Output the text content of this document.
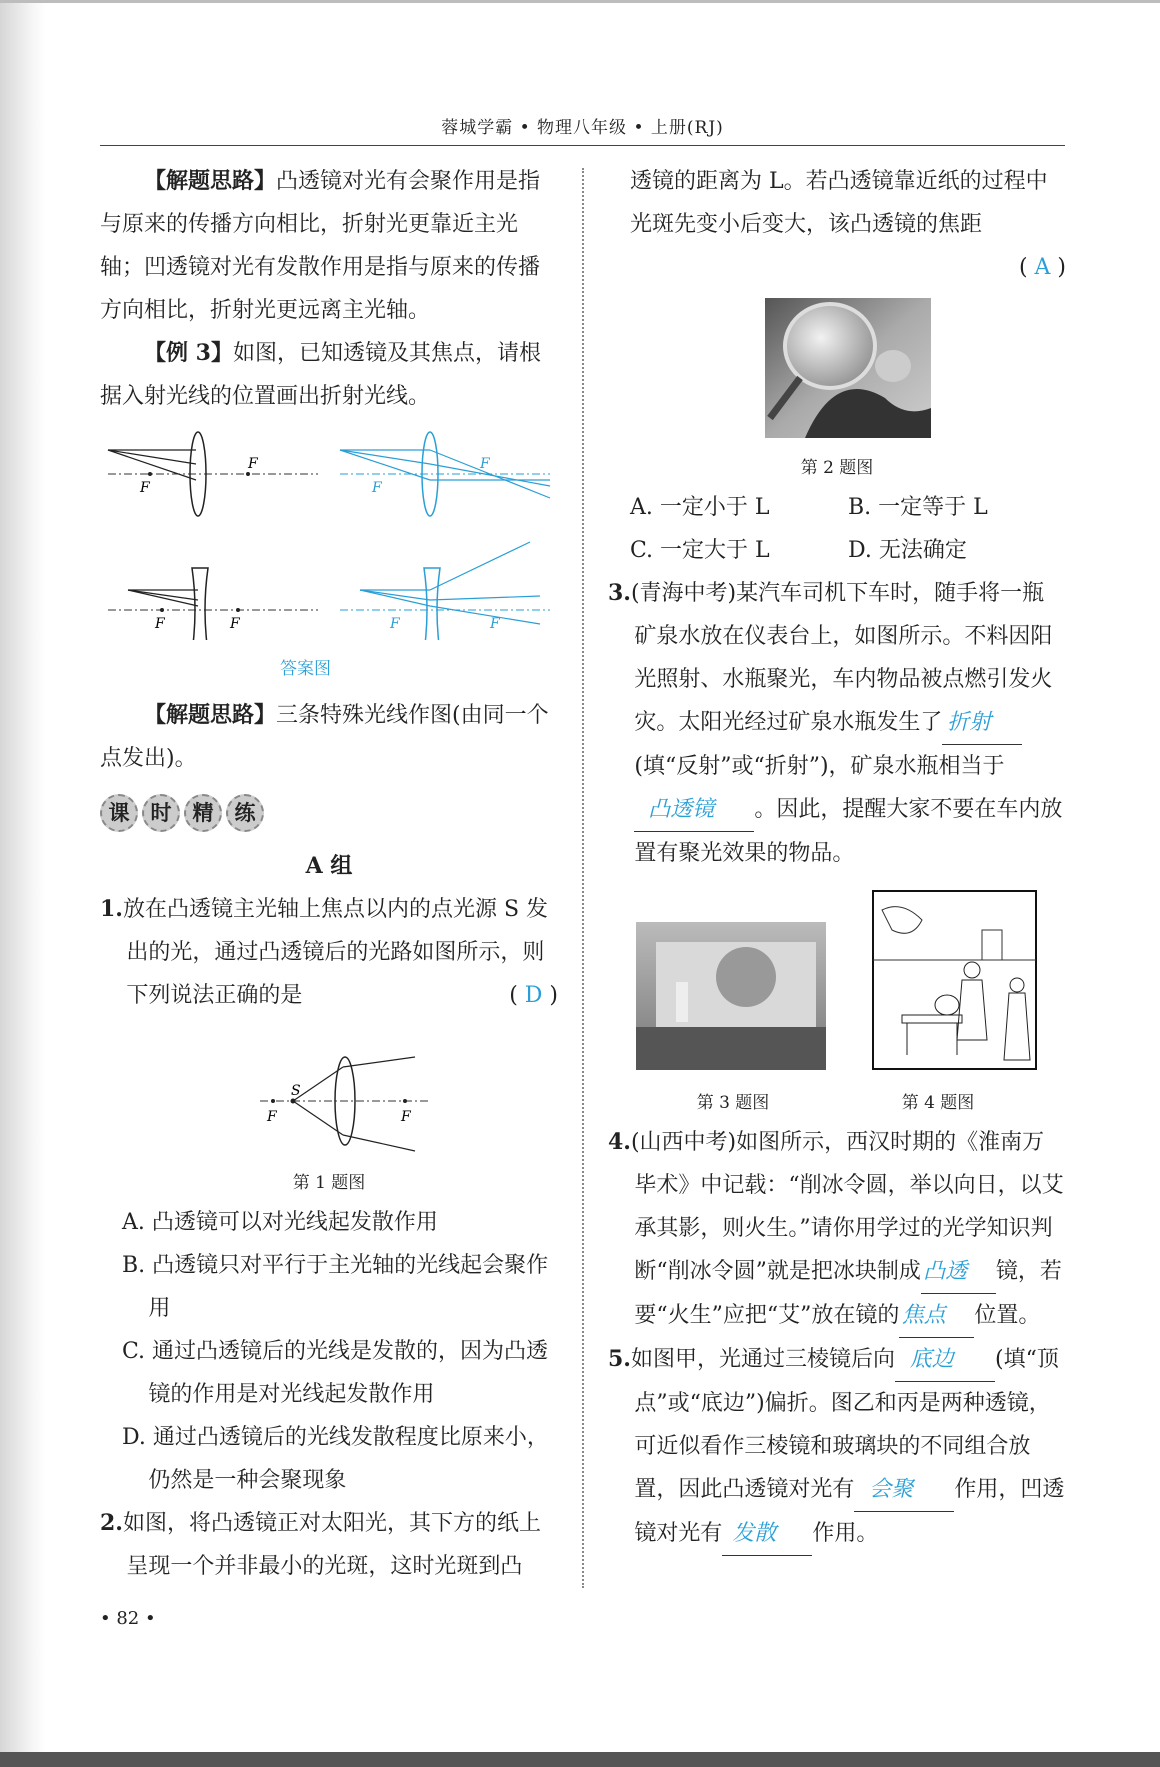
蓉城学霸 • 物理八年级 • 上册(RJ)

【解题思路】凸透镜对光有会聚作用是指与原来的传播方向相比，折射光更靠近主光轴；凹透镜对光有发散作用是指与原来的传播方向相比，折射光更远离主光轴。

【例 3】如图，已知透镜及其焦点，请根据入射光线的位置画出折射光线。

F
F
F
F
F	F	F	F
答案图

【解题思路】三条特殊光线作图(由同一个点发出)。

课	时	精	练
A 组

1.放在凸透镜主光轴上焦点以内的点光源 S 发出的光，通过凸透镜后的光路如图所示，则下列说法正确的是	( D )

S
F	F
第 1 题图

A. 凸透镜可以对光线起发散作用

B. 凸透镜只对平行于主光轴的光线起会聚作用

C. 通过凸透镜后的光线是发散的，因为凸透镜的作用是对光线起发散作用

D. 通过凸透镜后的光线发散程度比原来小，仍然是一种会聚现象

2.如图，将凸透镜正对太阳光，其下方的纸上呈现一个并非最小的光斑，这时光斑到凸

• 82 •

透镜的距离为 L。若凸透镜靠近纸的过程中光斑先变小后变大，该凸透镜的焦距

( A )
第 2 题图
A. 一定小于 L	B. 一定等于 L
C. 一定大于 L	D. 无法确定

3.(青海中考)某汽车司机下车时，随手将一瓶矿泉水放在仪表台上，如图所示。不料因阳光照射、水瓶聚光，车内物品被点燃引发火灾。太阳光经过矿泉水瓶发生了 折射(填“反射”或“折射”)，矿泉水瓶相当于凸透镜 。因此，提醒大家不要在车内放置有聚光效果的物品。

第 3 题图	第 4 题图

4.(山西中考)如图所示，西汉时期的《淮南万毕术》中记载：“削冰令圆，举以向日，以艾承其影，则火生。”请你用学过的光学知识判断“削冰令圆”就是把冰块制成 凸透 镜，若要“火生”应把“艾”放在镜的 焦点 位置。

5.如图甲，光通过三棱镜后向 底边 (填“顶点”或“底边”)偏折。图乙和丙是两种透镜，可近似看作三棱镜和玻璃块的不同组合放置，因此凸透镜对光有 会聚 作用，凹透镜对光有 发散 作用。
